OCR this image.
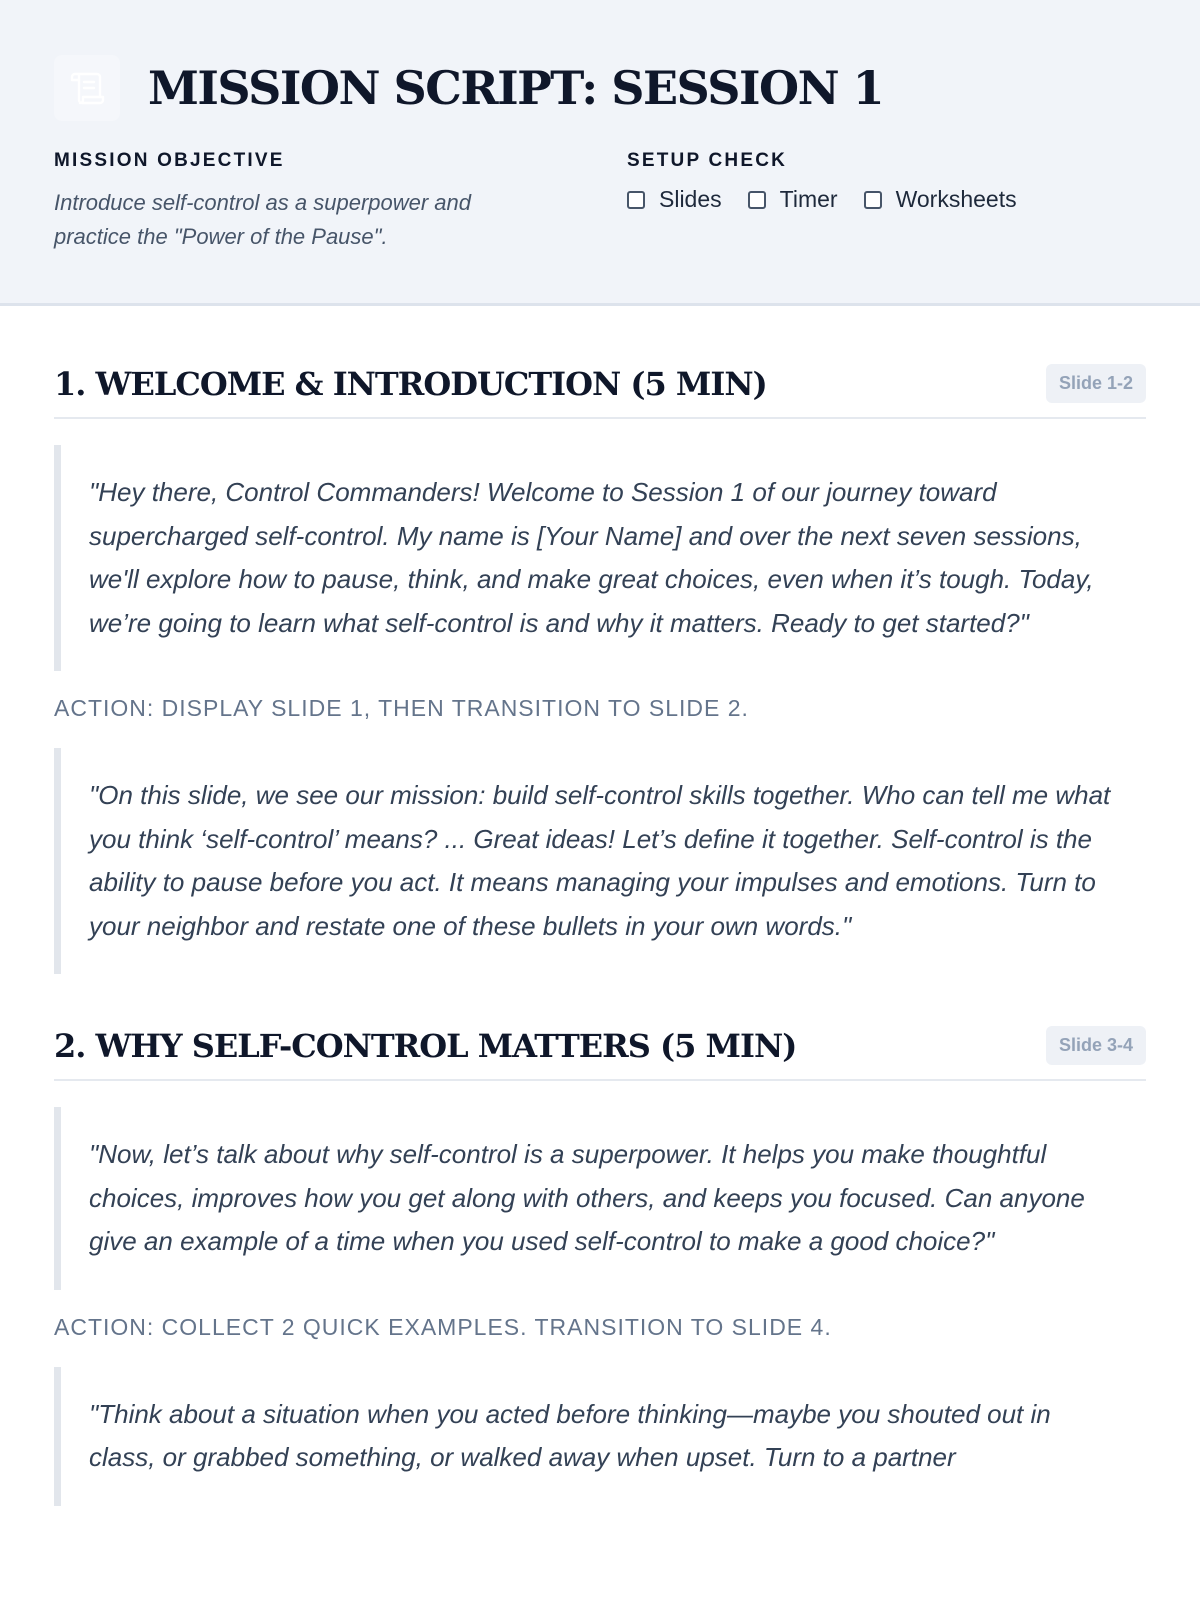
MISSION SCRIPT: SESSION 1
MISSION OBJECTIVE
Introduce self-control as a superpower and practice the "Power of the Pause".
SETUP CHECK
Slides	Timer	Worksheets
1. WELCOME & INTRODUCTION (5 MIN)	Slide 1-2
"Hey there, Control Commanders! Welcome to Session 1 of our journey toward supercharged self-control. My name is [Your Name] and over the next seven sessions, we'll explore how to pause, think, and make great choices, even when it’s tough. Today, we’re going to learn what self-control is and why it matters. Ready to get started?"
ACTION: DISPLAY SLIDE 1, THEN TRANSITION TO SLIDE 2.
"On this slide, we see our mission: build self-control skills together. Who can tell me what you think ‘self-control’ means? ... Great ideas! Let’s define it together. Self-control is the ability to pause before you act. It means managing your impulses and emotions. Turn to your neighbor and restate one of these bullets in your own words."
2. WHY SELF-CONTROL MATTERS (5 MIN)	Slide 3-4
"Now, let’s talk about why self-control is a superpower. It helps you make thoughtful choices, improves how you get along with others, and keeps you focused. Can anyone give an example of a time when you used self-control to make a good choice?"
ACTION: COLLECT 2 QUICK EXAMPLES. TRANSITION TO SLIDE 4.
"Think about a situation when you acted before thinking—maybe you shouted out in class, or grabbed something, or walked away when upset. Turn to a partner
